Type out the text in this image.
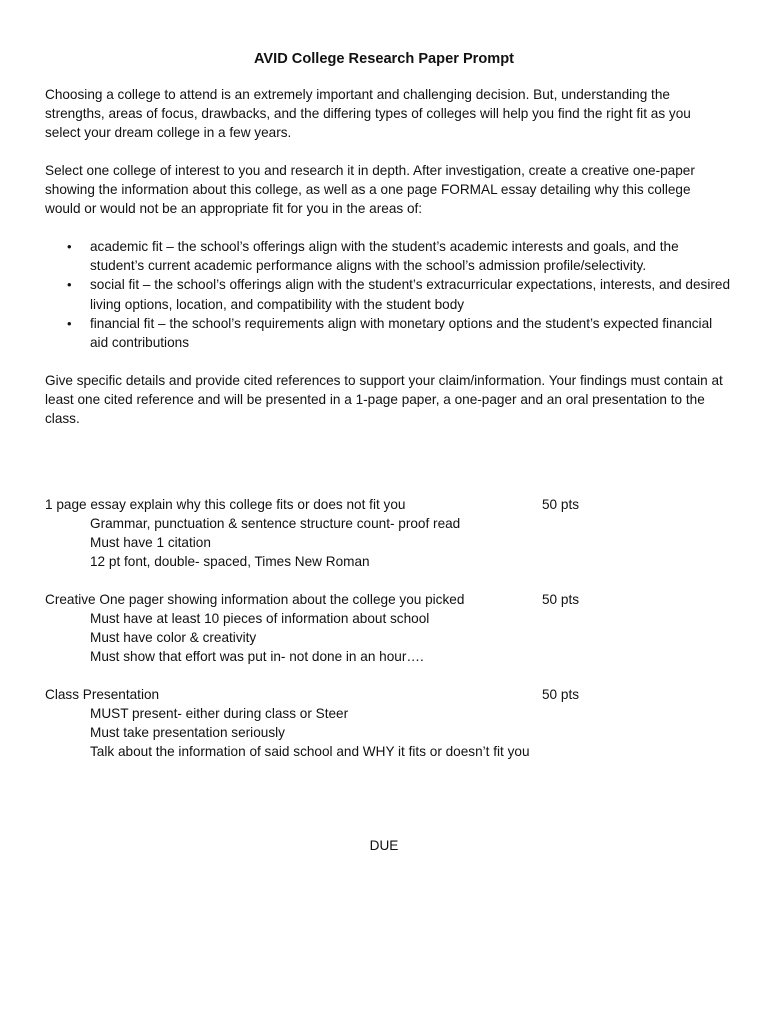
AVID College Research Paper Prompt

Choosing a college to attend is an extremely important and challenging decision. But, understanding the strengths, areas of focus, drawbacks, and the differing types of colleges will help you find the right fit as you select your dream college in a few years.

Select one college of interest to you and research it in depth. After investigation, create a creative one-paper showing the information about this college, as well as a one page FORMAL essay detailing why this college would or would not be an appropriate fit for you in the areas of:

• academic fit – the school’s offerings align with the student’s academic interests and goals, and the student’s current academic performance aligns with the school’s admission profile/selectivity.
• social fit – the school’s offerings align with the student’s extracurricular expectations, interests, and desired living options, location, and compatibility with the student body
• financial fit – the school’s requirements align with monetary options and the student’s expected financial aid contributions

Give specific details and provide cited references to support your claim/information. Your findings must contain at least one cited reference and will be presented in a 1-page paper, a one-pager and an oral presentation to the class.

1 page essay explain why this college fits or does not fit you	50 pts
Grammar, punctuation & sentence structure count- proof read
Must have 1 citation
12 pt font, double- spaced, Times New Roman
Creative One pager showing information about the college you picked	50 pts
Must have at least 10 pieces of information about school
Must have color & creativity
Must show that effort was put in- not done in an hour….
Class Presentation	50 pts
MUST present- either during class or Steer
Must take presentation seriously
Talk about the information of said school and WHY it fits or doesn’t fit you
DUE
